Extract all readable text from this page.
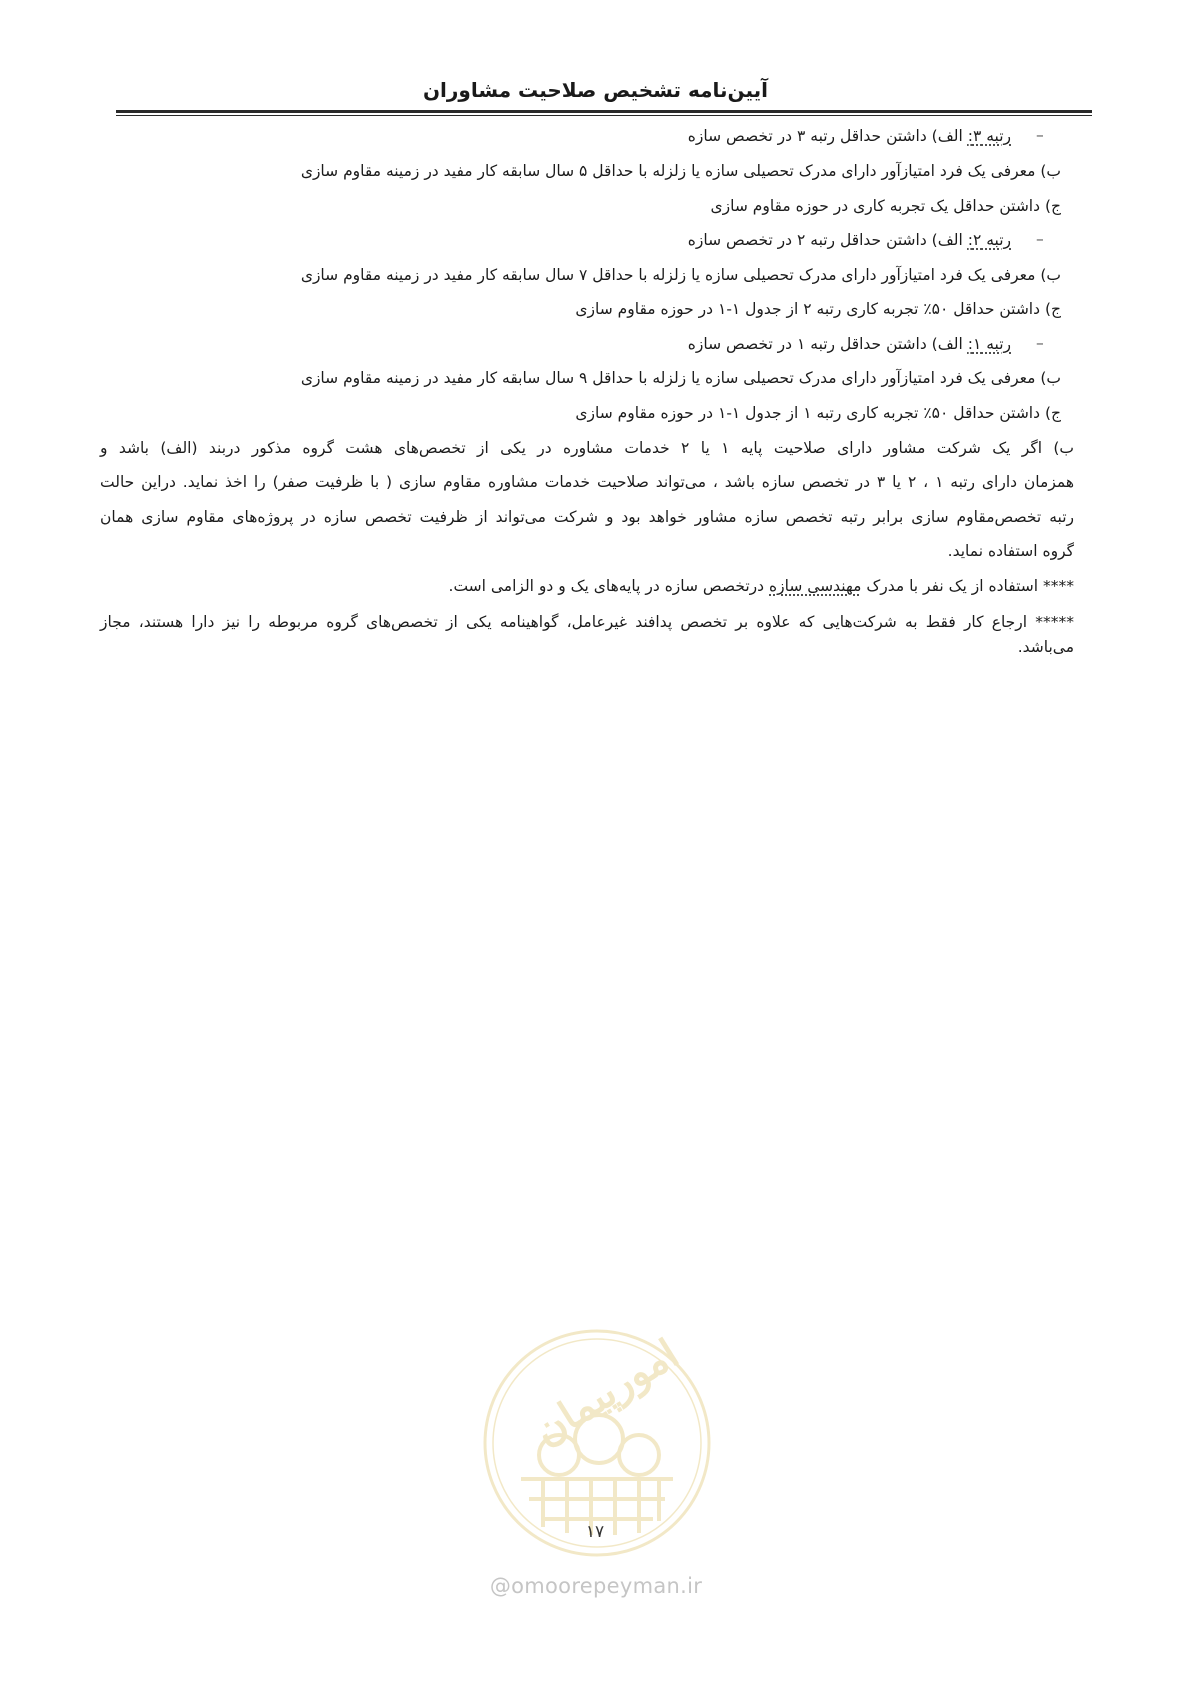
آیین‌نامه تشخیص صلاحیت مشاوران
–
رتبه ۳: الف) داشتن حداقل رتبه ۳ در تخصص سازه
ب) معرفی یک فرد امتیازآور دارای مدرک تحصیلی سازه یا زلزله با حداقل ۵ سال سابقه کار مفید در زمینه مقاوم سازی
ج) داشتن حداقل یک تجربه کاری در حوزه مقاوم سازی
–
رتبه ۲: الف) داشتن حداقل رتبه ۲ در تخصص سازه
ب) معرفی یک فرد امتیازآور دارای مدرک تحصیلی سازه یا زلزله با حداقل ۷ سال سابقه کار مفید در زمینه مقاوم سازی
ج) داشتن حداقل ۵۰٪ تجربه کاری رتبه ۲ از جدول ۱-۱ در حوزه مقاوم سازی
–
رتبه ۱: الف) داشتن حداقل رتبه ۱ در تخصص سازه
ب) معرفی یک فرد امتیازآور دارای مدرک تحصیلی سازه یا زلزله با حداقل ۹ سال سابقه کار مفید در زمینه مقاوم سازی
ج) داشتن حداقل ۵۰٪ تجربه کاری رتبه ۱ از جدول ۱-۱ در حوزه مقاوم سازی
ب) اگر یک شرکت مشاور دارای صلاحیت پایه ۱ یا ۲ خدمات مشاوره در یکی از تخصص‌های هشت گروه مذکور دربند (الف) باشد و
همزمان دارای رتبه ۱ ، ۲ یا ۳ در تخصص سازه باشد ، می‌تواند صلاحیت خدمات مشاوره مقاوم سازی ( با ظرفیت صفر) را اخذ نماید. دراین حالت
رتبه تخصص‌مقاوم سازی برابر رتبه تخصص سازه مشاور خواهد بود و شرکت می‌تواند از ظرفیت تخصص سازه در پروژه‌های مقاوم سازی همان
گروه استفاده نماید.
**** استفاده از یک نفر با مدرک مهندسی سازه درتخصص سازه در پایه‌های یک و دو الزامی است.
***** ارجاع کار فقط به شرکت‌هایی که علاوه بر تخصص پدافند غیرعامل، گواهینامه یکی از تخصص‌های گروه مربوطه را نیز دارا هستند، مجاز
می‌باشد.
امورپیمان
۱۷
@omoorepeyman.ir
